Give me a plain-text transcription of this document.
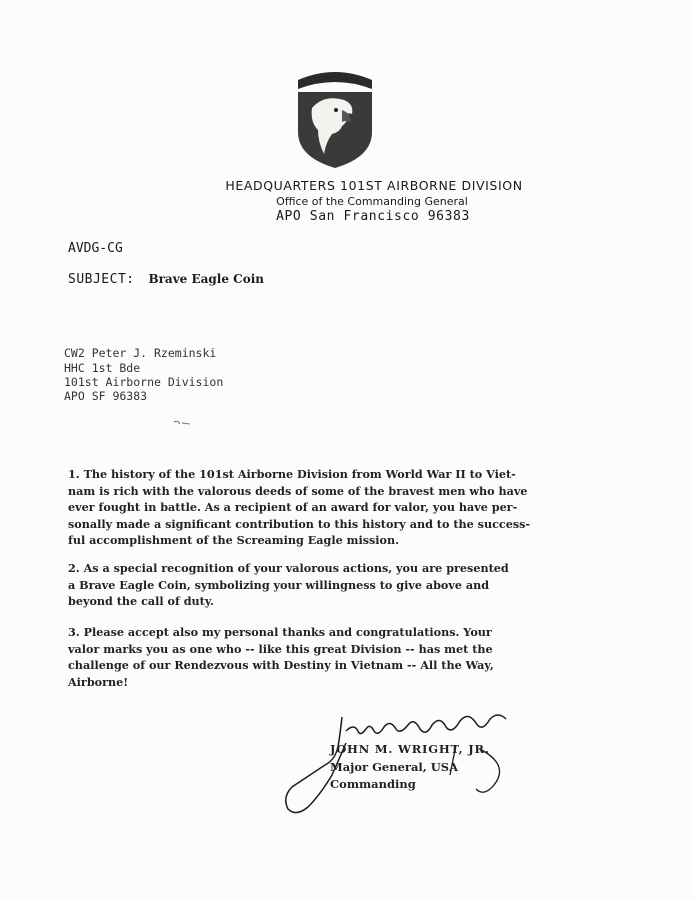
HEADQUARTERS 101ST AIRBORNE DIVISION
Office of the Commanding General
APO San Francisco 96383
AVDG-CG
SUBJECT: Brave Eagle Coin
CW2 Peter J. Rzeminski
HHC 1st Bde
101st Airborne Division
APO SF 96383
1. The history of the 101st Airborne Division from World War II to Viet-
nam is rich with the valorous deeds of some of the bravest men who have
ever fought in battle. As a recipient of an award for valor, you have per-
sonally made a significant contribution to this history and to the success-
ful accomplishment of the Screaming Eagle mission.
2. As a special recognition of your valorous actions, you are presented
a Brave Eagle Coin, symbolizing your willingness to give above and
beyond the call of duty.
3. Please accept also my personal thanks and congratulations. Your
valor marks you as one who -- like this great Division -- has met the
challenge of our Rendezvous with Destiny in Vietnam -- All the Way,
Airborne!
JOHN M. WRIGHT, JR.
Major General, USA
Commanding
